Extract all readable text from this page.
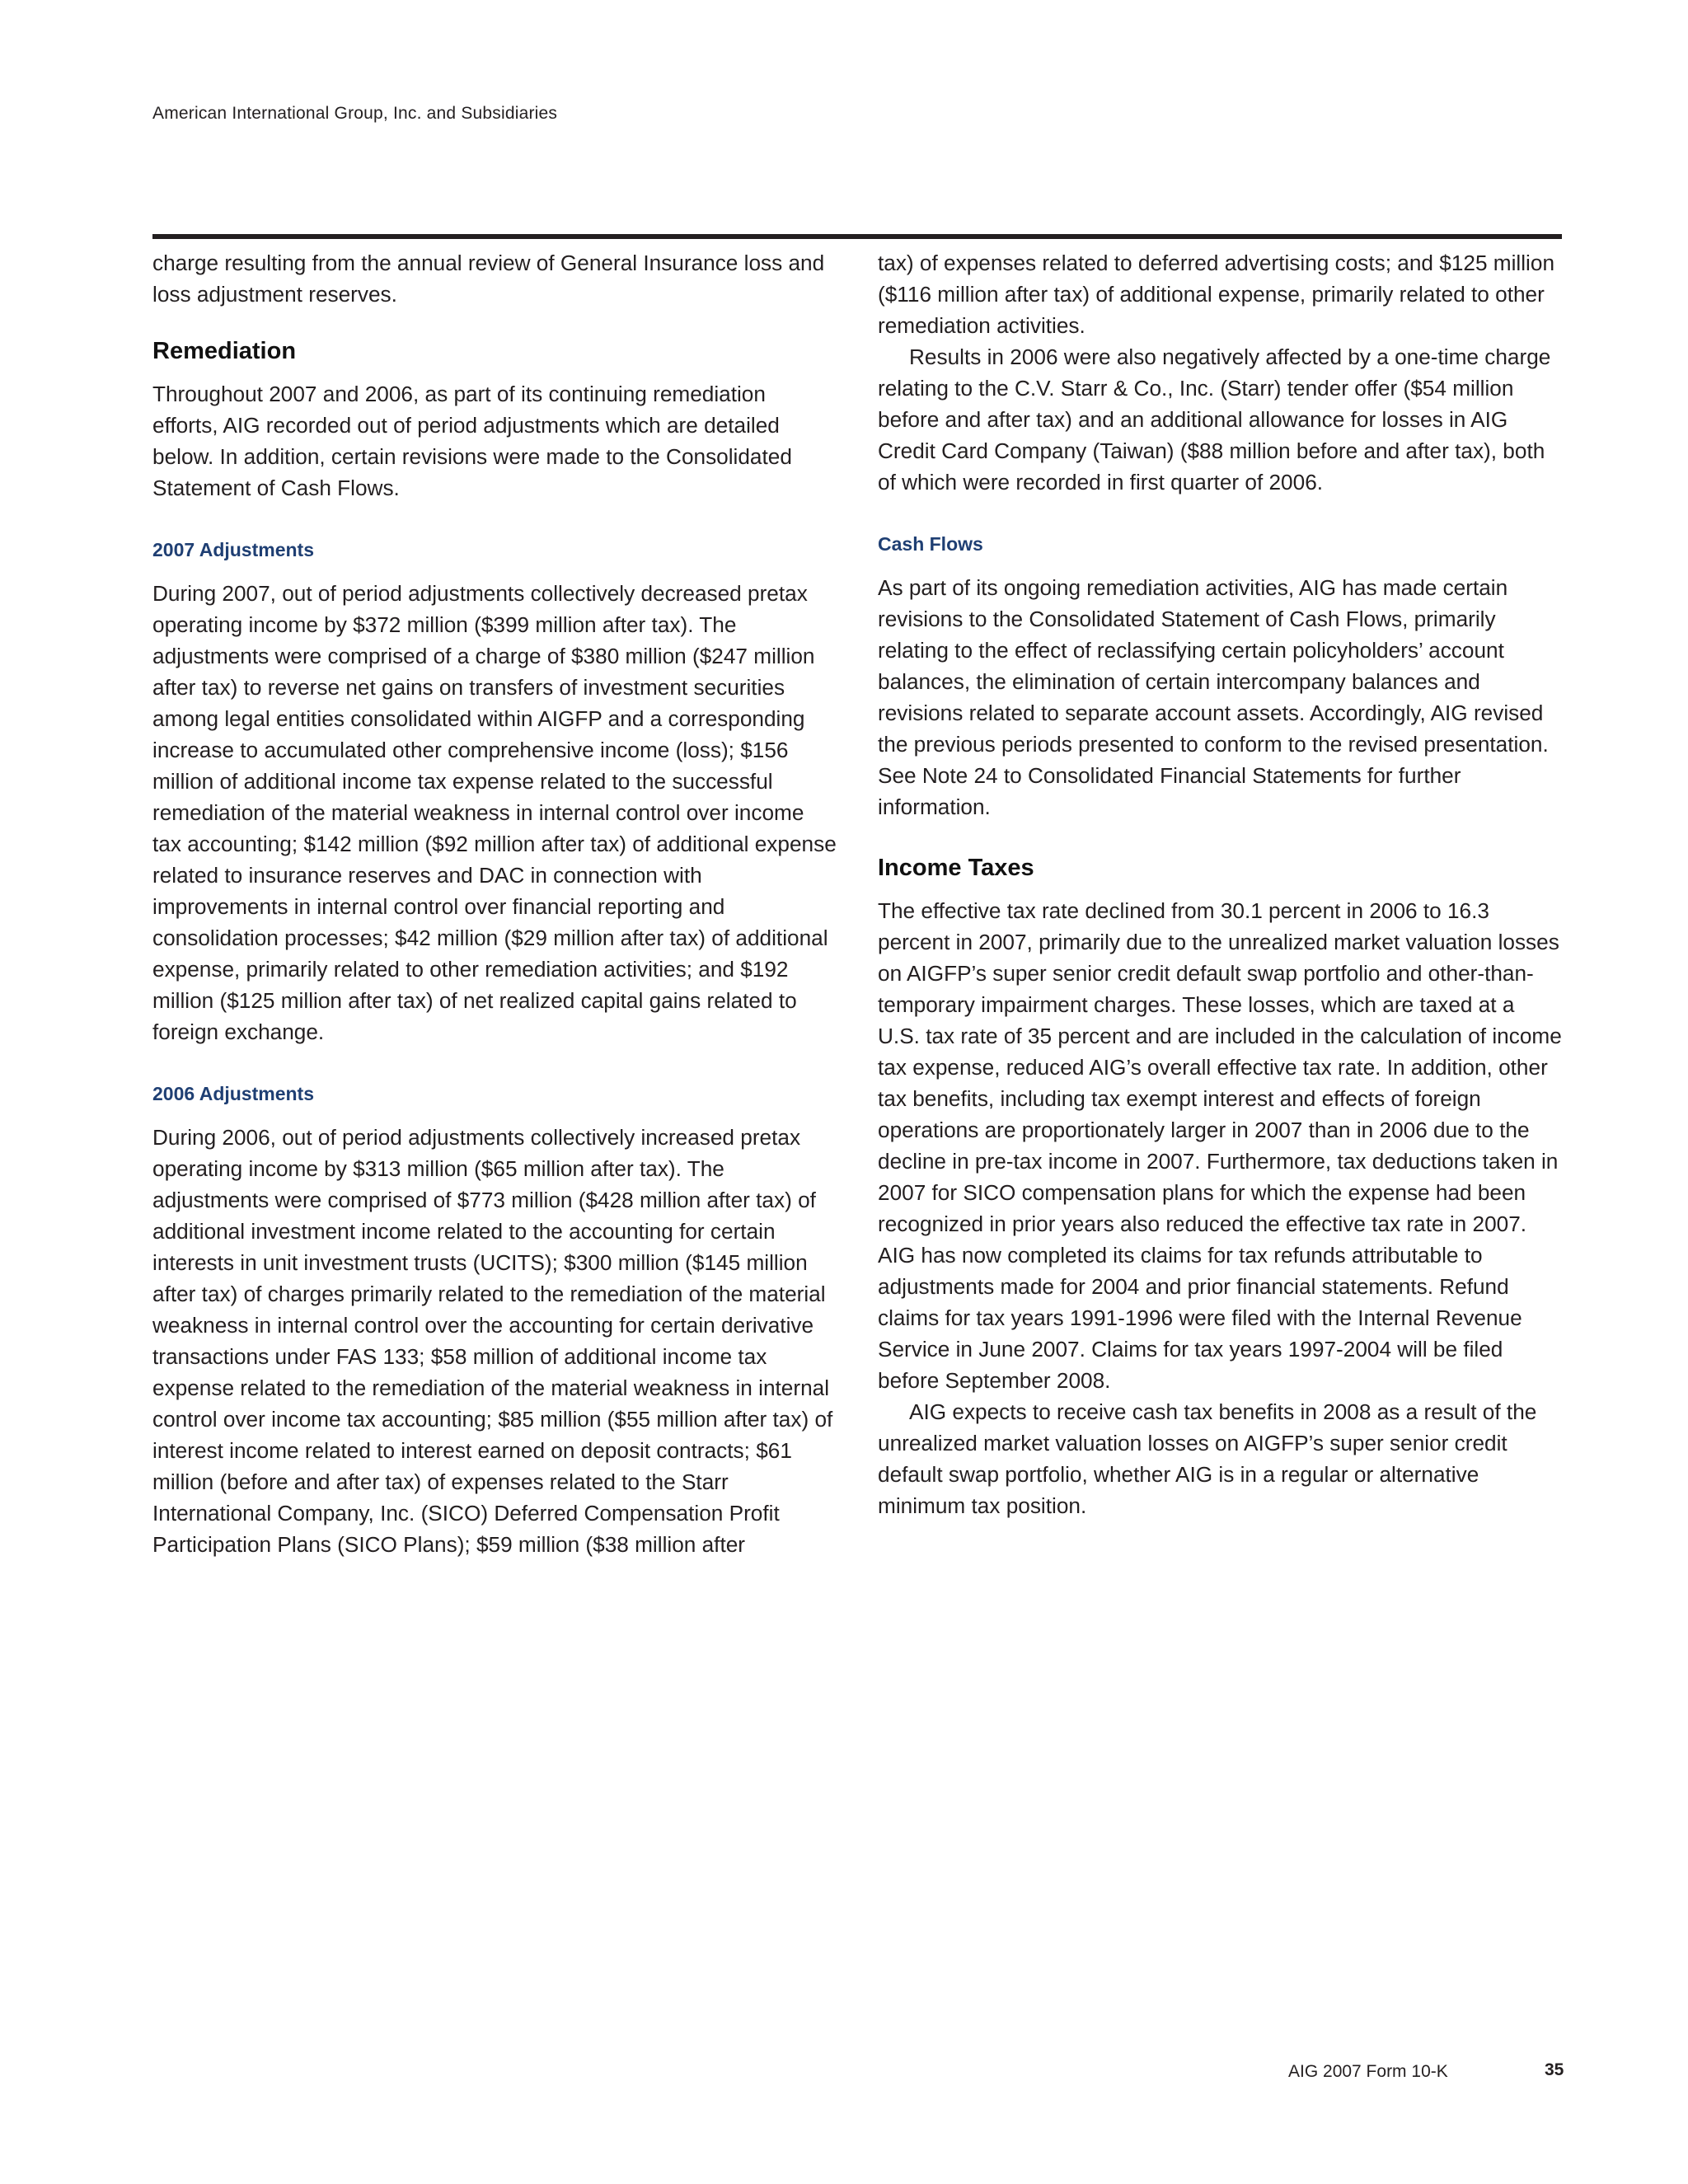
American International Group, Inc. and Subsidiaries

charge resulting from the annual review of General Insurance loss and loss adjustment reserves.

Remediation

Throughout 2007 and 2006, as part of its continuing remediation efforts, AIG recorded out of period adjustments which are detailed below. In addition, certain revisions were made to the Consolidated Statement of Cash Flows.

2007 Adjustments

During 2007, out of period adjustments collectively decreased pretax operating income by $372 million ($399 million after tax). The adjustments were comprised of a charge of $380 million ($247 million after tax) to reverse net gains on transfers of investment securities among legal entities consolidated within AIGFP and a corresponding increase to accumulated other comprehensive income (loss); $156 million of additional income tax expense related to the successful remediation of the material weakness in internal control over income tax accounting; $142 million ($92 million after tax) of additional expense related to insurance reserves and DAC in connection with improvements in internal control over financial reporting and consolidation processes; $42 million ($29 million after tax) of additional expense, primarily related to other remediation activities; and $192 million ($125 million after tax) of net realized capital gains related to foreign exchange.

2006 Adjustments

During 2006, out of period adjustments collectively increased pretax operating income by $313 million ($65 million after tax). The adjustments were comprised of $773 million ($428 million after tax) of additional investment income related to the accounting for certain interests in unit investment trusts (UCITS); $300 million ($145 million after tax) of charges primarily related to the remediation of the material weakness in internal control over the accounting for certain derivative transactions under FAS 133; $58 million of additional income tax expense related to the remediation of the material weakness in internal control over income tax accounting; $85 million ($55 million after tax) of interest income related to interest earned on deposit contracts; $61 million (before and after tax) of expenses related to the Starr International Company, Inc. (SICO) Deferred Compensation Profit Participation Plans (SICO Plans); $59 million ($38 million after

tax) of expenses related to deferred advertising costs; and $125 million ($116 million after tax) of additional expense, primarily related to other remediation activities.

Results in 2006 were also negatively affected by a one-time charge relating to the C.V. Starr & Co., Inc. (Starr) tender offer ($54 million before and after tax) and an additional allowance for losses in AIG Credit Card Company (Taiwan) ($88 million before and after tax), both of which were recorded in first quarter of 2006.

Cash Flows

As part of its ongoing remediation activities, AIG has made certain revisions to the Consolidated Statement of Cash Flows, primarily relating to the effect of reclassifying certain policyholders’ account balances, the elimination of certain intercompany balances and revisions related to separate account assets. Accordingly, AIG revised the previous periods presented to conform to the revised presentation. See Note 24 to Consolidated Financial Statements for further information.

Income Taxes

The effective tax rate declined from 30.1 percent in 2006 to 16.3 percent in 2007, primarily due to the unrealized market valuation losses on AIGFP’s super senior credit default swap portfolio and other-than-temporary impairment charges. These losses, which are taxed at a U.S. tax rate of 35 percent and are included in the calculation of income tax expense, reduced AIG’s overall effective tax rate. In addition, other tax benefits, including tax exempt interest and effects of foreign operations are proportionately larger in 2007 than in 2006 due to the decline in pre-tax income in 2007. Furthermore, tax deductions taken in 2007 for SICO compensation plans for which the expense had been recognized in prior years also reduced the effective tax rate in 2007. AIG has now completed its claims for tax refunds attributable to adjustments made for 2004 and prior financial statements. Refund claims for tax years 1991-1996 were filed with the Internal Revenue Service in June 2007. Claims for tax years 1997-2004 will be filed before September 2008.

AIG expects to receive cash tax benefits in 2008 as a result of the unrealized market valuation losses on AIGFP’s super senior credit default swap portfolio, whether AIG is in a regular or alternative minimum tax position.

AIG 2007 Form 10-K	35
